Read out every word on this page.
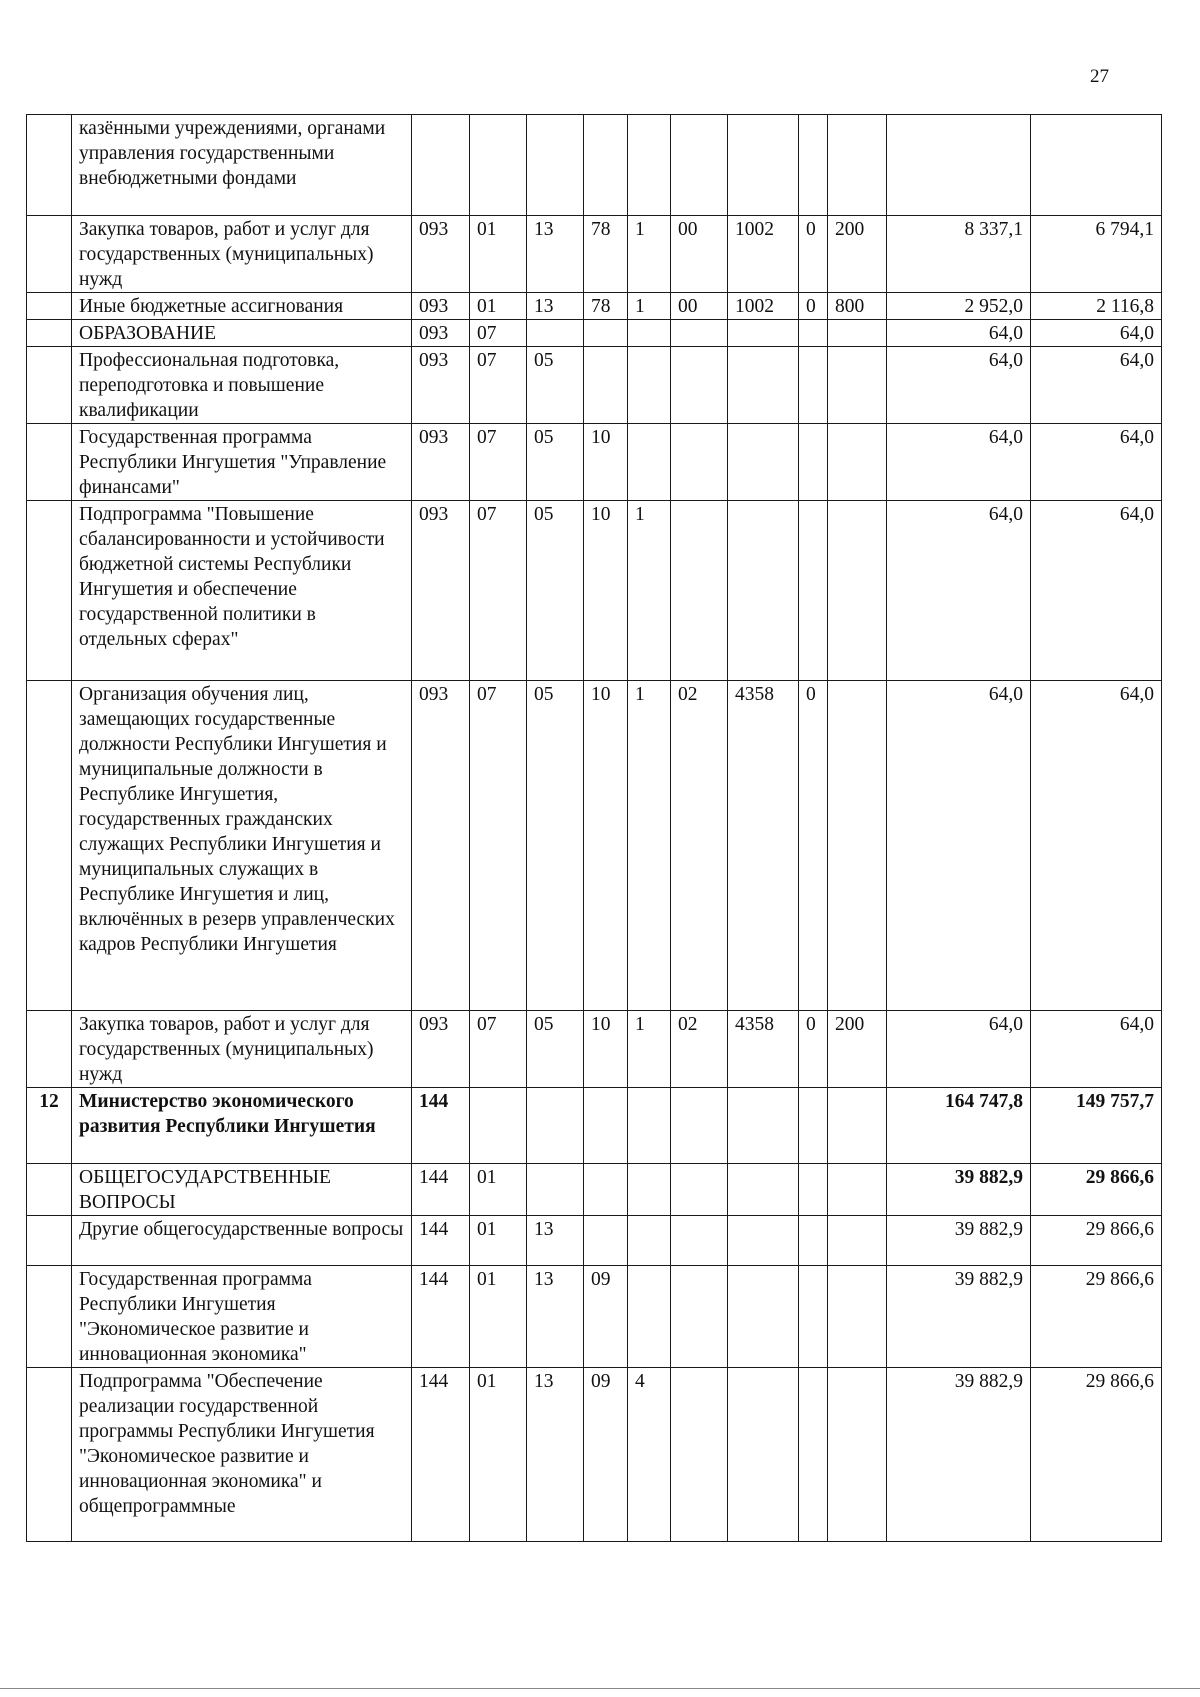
27
	казёнными учреждениями, органами управления государственными внебюджетными фондами											
	Закупка товаров, работ и услуг для государственных (муниципальных) нужд	093	01	13	78	1	00	1002	0	200	8 337,1	6 794,1
	Иные бюджетные ассигнования	093	01	13	78	1	00	1002	0	800	2 952,0	2 116,8
	ОБРАЗОВАНИЕ	093	07								64,0	64,0
	Профессиональная подготовка, переподготовка и повышение квалификации	093	07	05							64,0	64,0
	Государственная программа Республики Ингушетия "Управление финансами"	093	07	05	10						64,0	64,0
	Подпрограмма "Повышение сбалансированности и устойчивости бюджетной системы Республики Ингушетия и обеспечение государственной политики в отдельных сферах"	093	07	05	10	1					64,0	64,0
	Организация обучения лиц, замещающих государственные должности Республики Ингушетия и муниципальные должности в Республике Ингушетия, государственных гражданских служащих Республики Ингушетия и муниципальных служащих в Республике Ингушетия и лиц, включённых в резерв управленческих кадров Республики Ингушетия	093	07	05	10	1	02	4358	0		64,0	64,0
	Закупка товаров, работ и услуг для государственных (муниципальных) нужд	093	07	05	10	1	02	4358	0	200	64,0	64,0
12	Министерство экономического развития Республики Ингушетия	144									164 747,8	149 757,7
	ОБЩЕГОСУДАРСТВЕННЫЕ ВОПРОСЫ	144	01								39 882,9	29 866,6
	Другие общегосударственные вопросы	144	01	13							39 882,9	29 866,6
	Государственная программа Республики Ингушетия "Экономическое развитие и инновационная экономика"	144	01	13	09						39 882,9	29 866,6
	Подпрограмма "Обеспечение реализации государственной программы Республики Ингушетия "Экономическое развитие и инновационная экономика" и общепрограммные	144	01	13	09	4					39 882,9	29 866,6
